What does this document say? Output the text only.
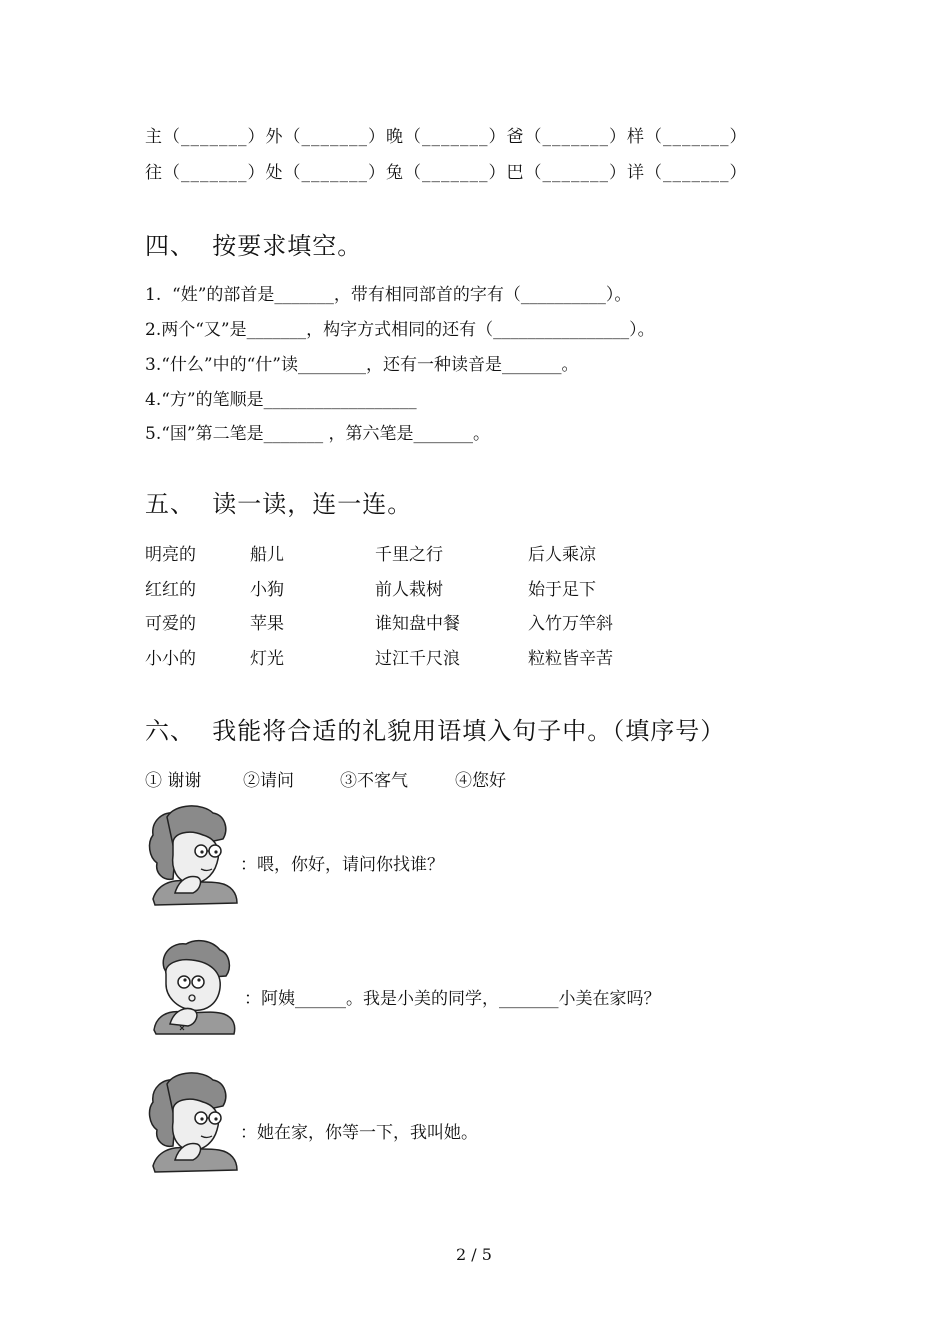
主（_______）外（_______）晚（_______）爸（_______）样（_______）
往（_______）处（_______）兔（_______）巴（_______）详（_______）
四、  按要求填空。
1.  “姓”的部首是_______，带有相同部首的字有（__________）。
2.两个“又”是_______，构字方式相同的还有（________________）。
3.“什么”中的“什”读________，还有一种读音是_______。
4.“方”的笔顺是__________________
5.“国”第二笔是_______ ，第六笔是_______。
五、  读一读，连一连。
明亮的
红红的
可爱的
小小的
船儿
小狗
苹果
灯光
千里之行
前人栽树
谁知盘中餐
过江千尺浪
后人乘凉
始于足下
入竹万竿斜
粒粒皆辛苦
六、  我能将合适的礼貌用语填入句子中。（填序号）
① 谢谢 ②请问	③不客气	④您好
：喂，你好，请问你找谁？
：阿姨______。我是小美的同学，_______小美在家吗？
：她在家，你等一下，我叫她。
2 / 5
